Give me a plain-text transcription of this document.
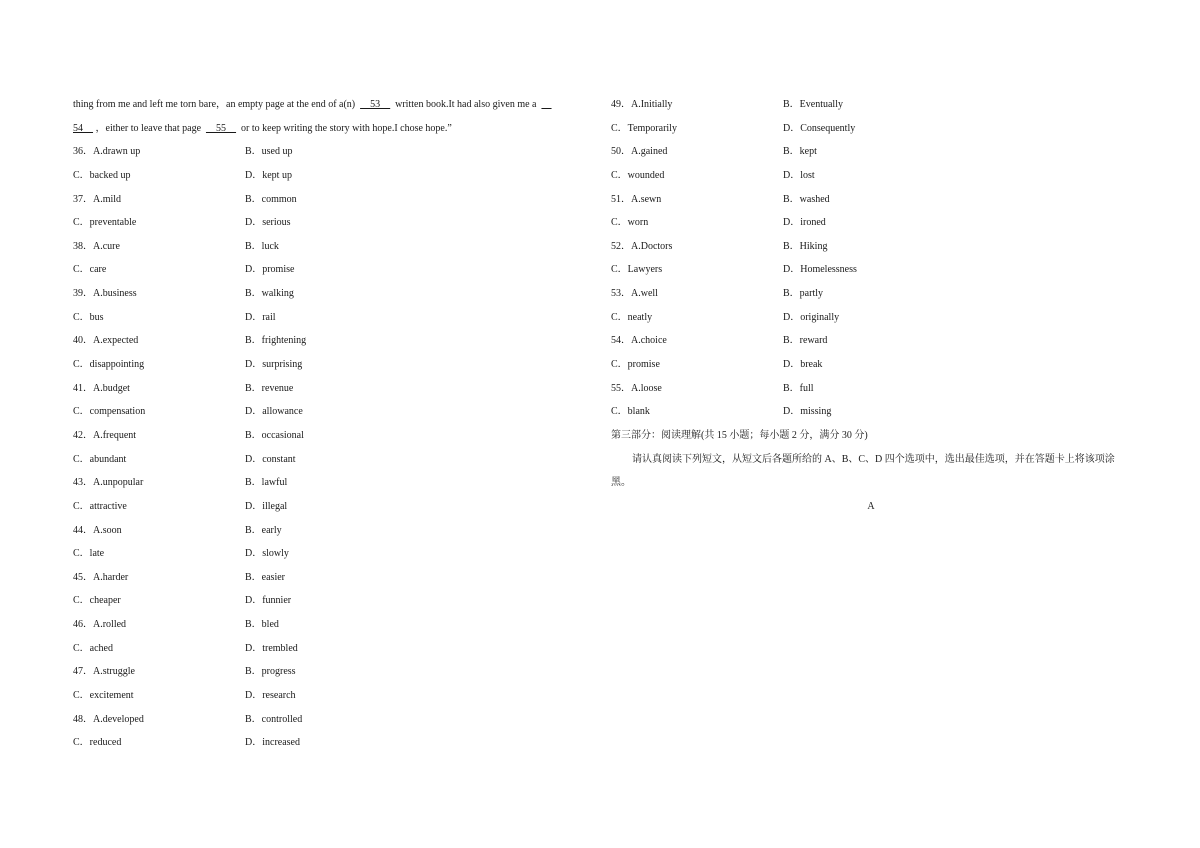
thing from me and left me torn bare，an empty page at the end of a(n) __53__ written book.It had also given me a __
54__ ，either to leave that page __55__ or to keep writing the story with hope.I chose hope.”
36．A.drawn up	B．used up
C．backed up	D．kept up
37．A.mild	B．common
C．preventable	D．serious
38．A.cure	B．luck
C．care	D．promise
39．A.business	B．walking
C．bus	D．rail
40．A.expected	B．frightening
C．disappointing	D．surprising
41．A.budget	B．revenue
C．compensation	D．allowance
42．A.frequent	B．occasional
C．abundant	D．constant
43．A.unpopular	B．lawful
C．attractive	D．illegal
44．A.soon	B．early
C．late	D．slowly
45．A.harder	B．easier
C．cheaper	D．funnier
46．A.rolled	B．bled
C．ached	D．trembled
47．A.struggle	B．progress
C．excitement	D．research
48．A.developed	B．controlled
C．reduced	D．increased
49．A.Initially	B．Eventually
C．Temporarily	D．Consequently
50．A.gained	B．kept
C．wounded	D．lost
51．A.sewn	B．washed
C．worn	D．ironed
52．A.Doctors	B．Hiking
C．Lawyers	D．Homelessness
53．A.well	B．partly
C．neatly	D．originally
54．A.choice	B．reward
C．promise	D．break
55．A.loose	B．full
C．blank	D．missing
第三部分：阅读理解(共 15 小题；每小题 2 分，满分 30 分)
请认真阅读下列短文，从短文后各题所给的 A、B、C、D 四个选项中，选出最佳选项，并在答题卡上将该项涂黑。
A
